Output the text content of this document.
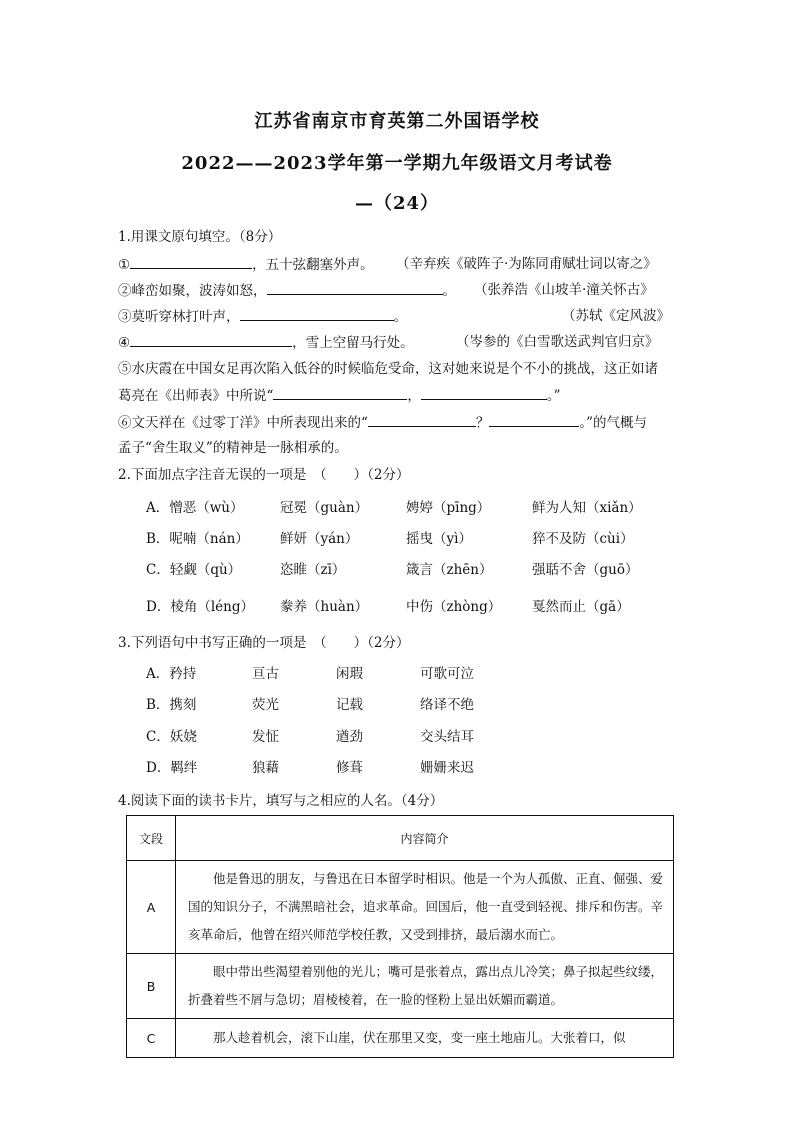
江苏省南京市育英第二外国语学校
2022——2023学年第一学期九年级语文月考试卷
—（24）
1.用课文原句填空。（8分）
①	，五十弦翻塞外声。 （辛弃疾《破阵子·为陈同甫赋壮词以寄之》
②峰峦如聚，波涛如怒，	。 （张养浩《山坡羊·潼关怀古》
③莫听穿林打叶声，	。	（苏轼《定风波》
④	，雪上空留马行处。	（岑参的《白雪歌送武判官归京》
⑤水庆霞在中国女足再次陷入低谷的时候临危受命，这对她来说是个不小的挑战，这正如诸
葛亮在《出师表》中所说“	，	。”
⑥文天祥在《过零丁洋》中所表现出来的“	？	。”的气概与
孟子“舍生取义”的精神是一脉相承的。
2.下面加点字注音无误的一项是　（　　）（2分）
A．憎恶（wù）	冠冕（guàn）	娉婷（pīng）	鲜为人知（xiǎn）
B．呢喃（nán） 鲜妍（yán）	摇曳（yì）	猝不及防（cùi）
C．轻觑（qù）	恣睢（zī）	箴言（zhēn）	强聒不舍（guō）
D．棱角（léng） 豢养（huàn）	中伤（zhòng） 戛然而止（gā）
3.下列语句中书写正确的一项是　（　　）（2分）
A．矜持	亘古	闲瑕	可歌可泣
B．携刻	荧光	记载	络译不绝
C．妖娆	发怔	遒劲	交头结耳
D．羁绊	狼藉	修葺	姗姗来迟
4.阅读下面的读书卡片，填写与之相应的人名。（4分）
文段	内容简介
A	他是鲁迅的朋友，与鲁迅在日本留学时相识。他是一个为人孤傲、正直、倔强、爱国的知识分子，不满黑暗社会，追求革命。回国后，他一直受到轻视、排斥和伤害。辛亥革命后，他曾在绍兴师范学校任教，又受到排挤，最后溺水而亡。
B	眼中带出些渴望着别他的光儿；嘴可是张着点，露出点儿冷笑；鼻子拟起些纹缕，折叠着些不屑与急切；眉棱棱着，在一脸的怪粉上显出妖媚而霸道。
C	那人趁着机会，滚下山崖，伏在那里又变，变一座土地庙儿。大张着口，似
